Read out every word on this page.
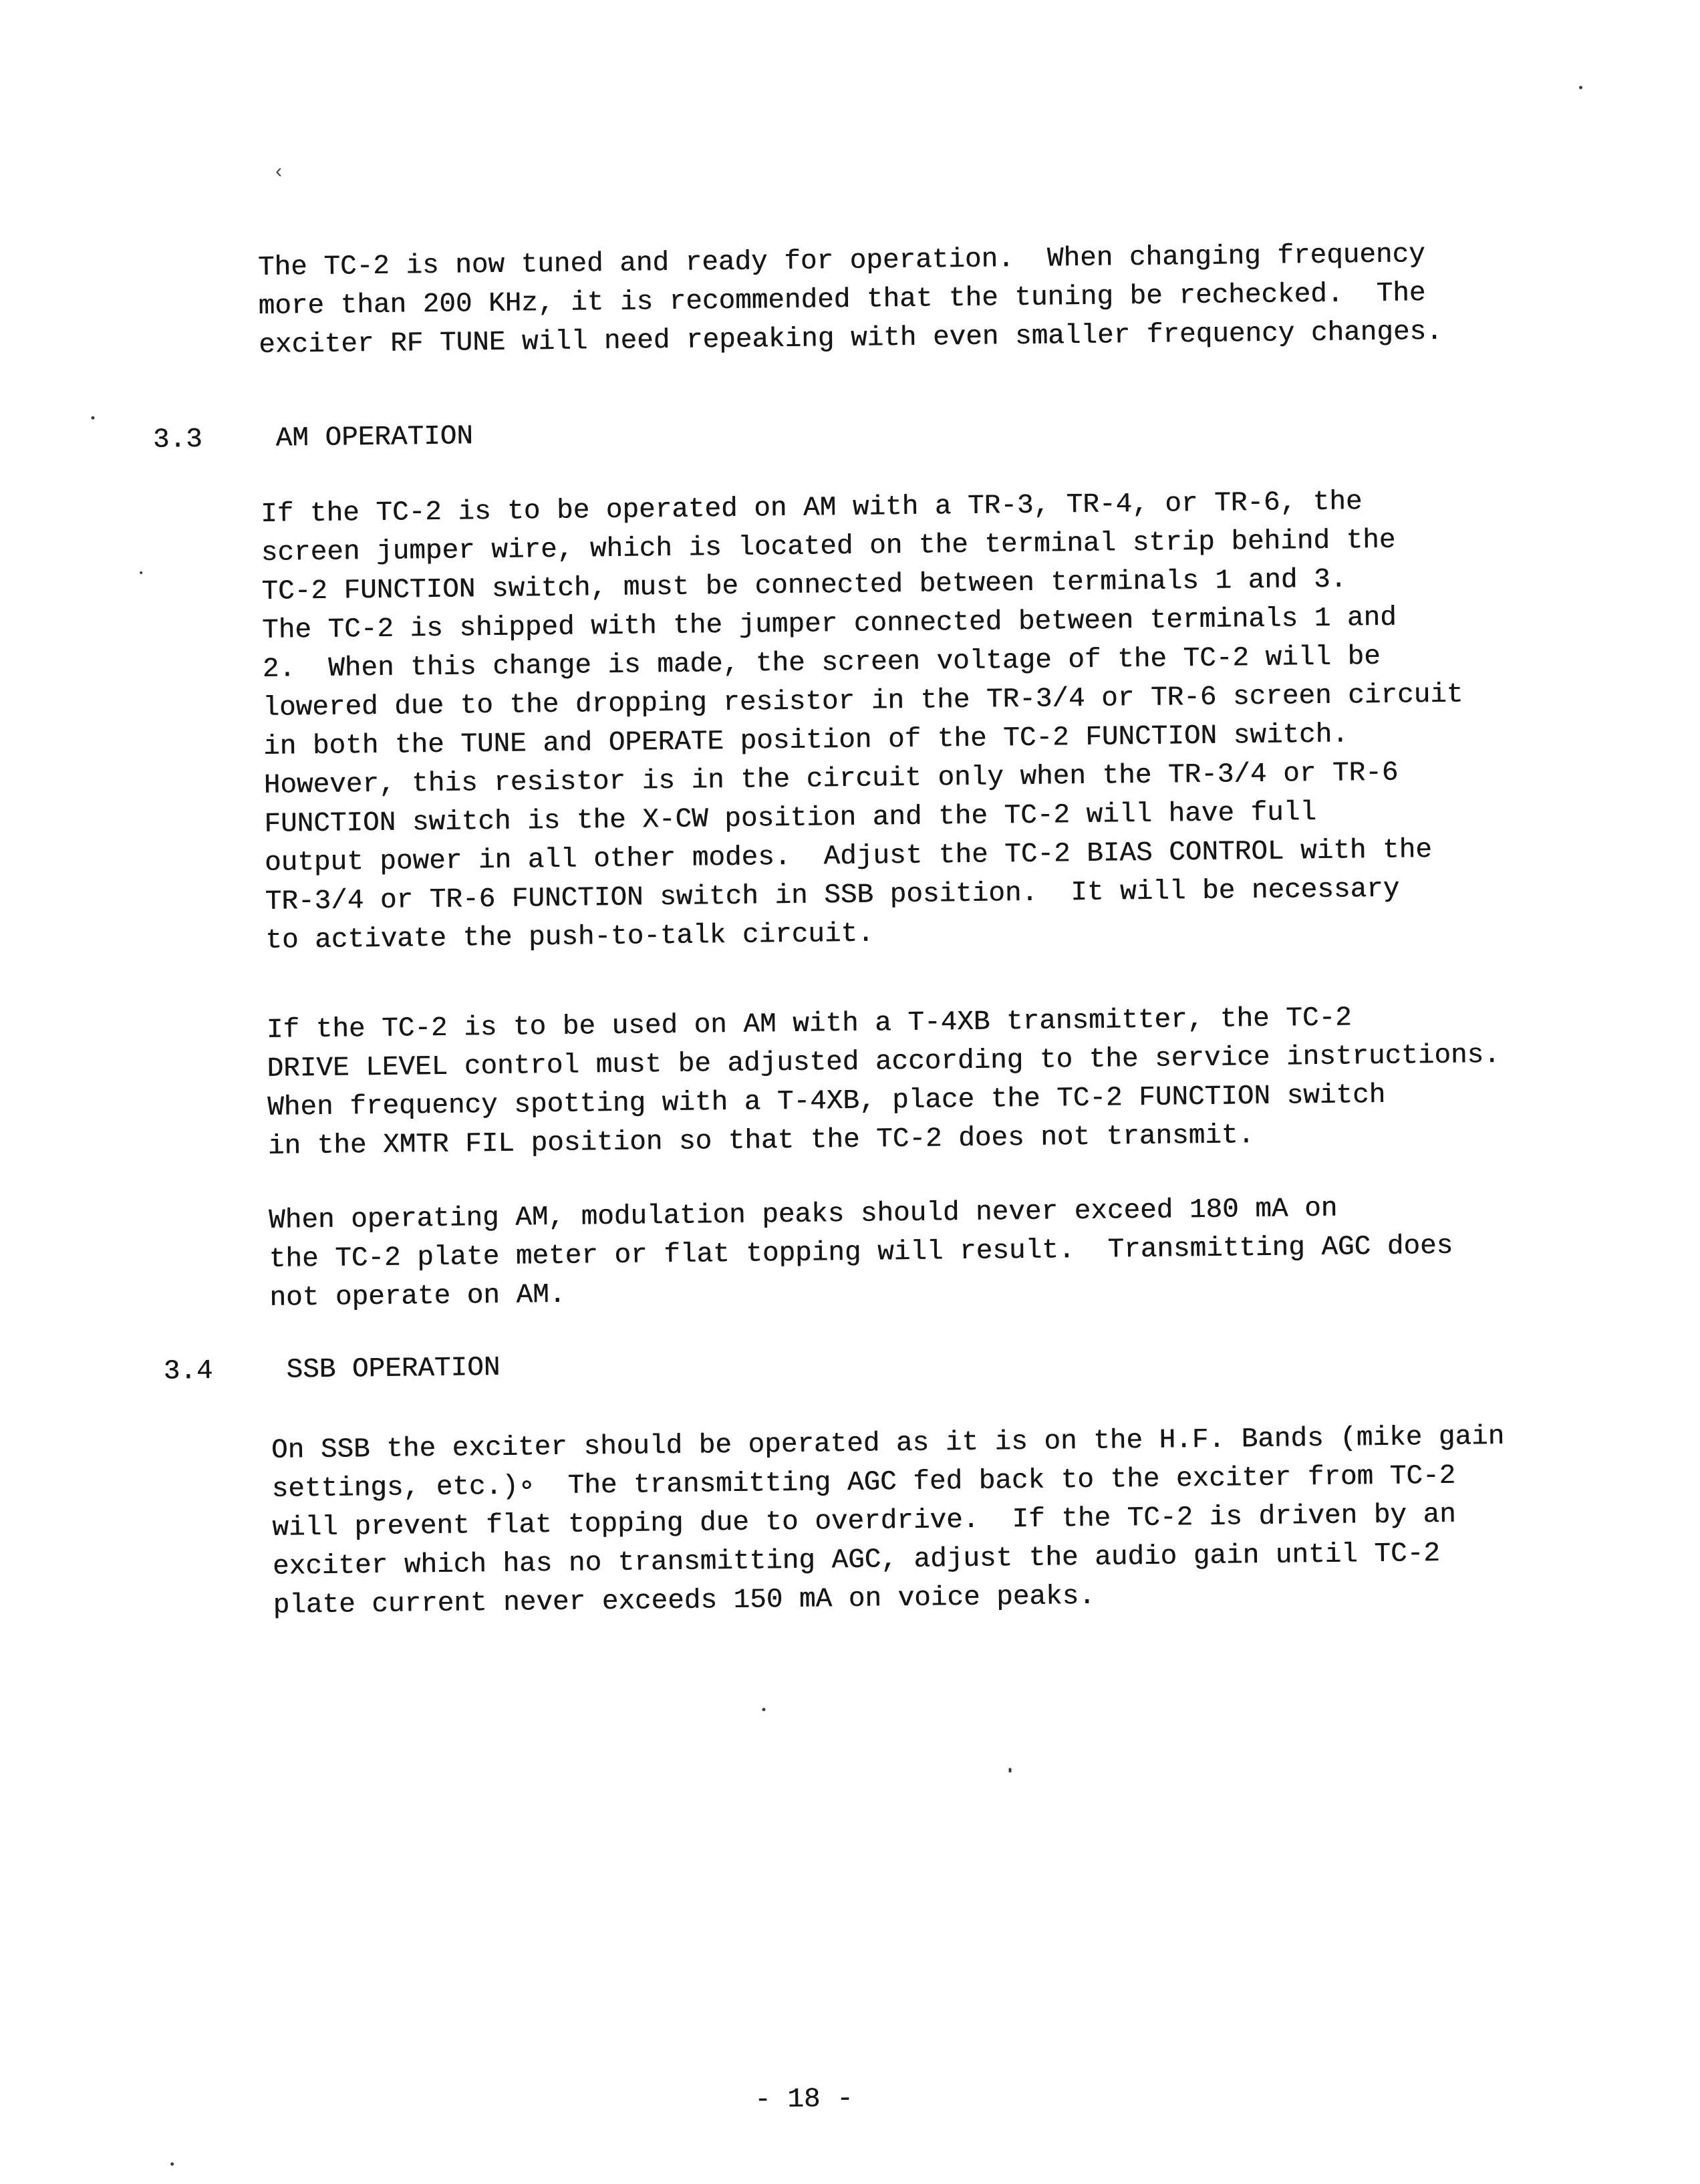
The TC-2 is now tuned and ready for operation.  When changing frequency
more than 200 KHz, it is recommended that the tuning be rechecked.  The
exciter RF TUNE will need repeaking with even smaller frequency changes.

3.3	AM OPERATION

If the TC-2 is to be operated on AM with a TR-3, TR-4, or TR-6, the
screen jumper wire, which is located on the terminal strip behind the
TC-2 FUNCTION switch, must be connected between terminals 1 and 3.
The TC-2 is shipped with the jumper connected between terminals 1 and
2.  When this change is made, the screen voltage of the TC-2 will be
lowered due to the dropping resistor in the TR-3/4 or TR-6 screen circuit
in both the TUNE and OPERATE position of the TC-2 FUNCTION switch.
However, this resistor is in the circuit only when the TR-3/4 or TR-6
FUNCTION switch is the X-CW position and the TC-2 will have full
output power in all other modes.  Adjust the TC-2 BIAS CONTROL with the
TR-3/4 or TR-6 FUNCTION switch in SSB position.  It will be necessary
to activate the push-to-talk circuit.

If the TC-2 is to be used on AM with a T-4XB transmitter, the TC-2
DRIVE LEVEL control must be adjusted according to the service instructions.
When frequency spotting with a T-4XB, place the TC-2 FUNCTION switch
in the XMTR FIL position so that the TC-2 does not transmit.

When operating AM, modulation peaks should never exceed 180 mA on
the TC-2 plate meter or flat topping will result.  Transmitting AGC does
not operate on AM.

3.4	SSB OPERATION

On SSB the exciter should be operated as it is on the H.F. Bands (mike gain
settings, etc.)∘  The transmitting AGC fed back to the exciter from TC-2
will prevent flat topping due to overdrive.  If the TC-2 is driven by an
exciter which has no transmitting AGC, adjust the audio gain until TC-2
plate current never exceeds 150 mA on voice peaks.

- 18 -
‹
